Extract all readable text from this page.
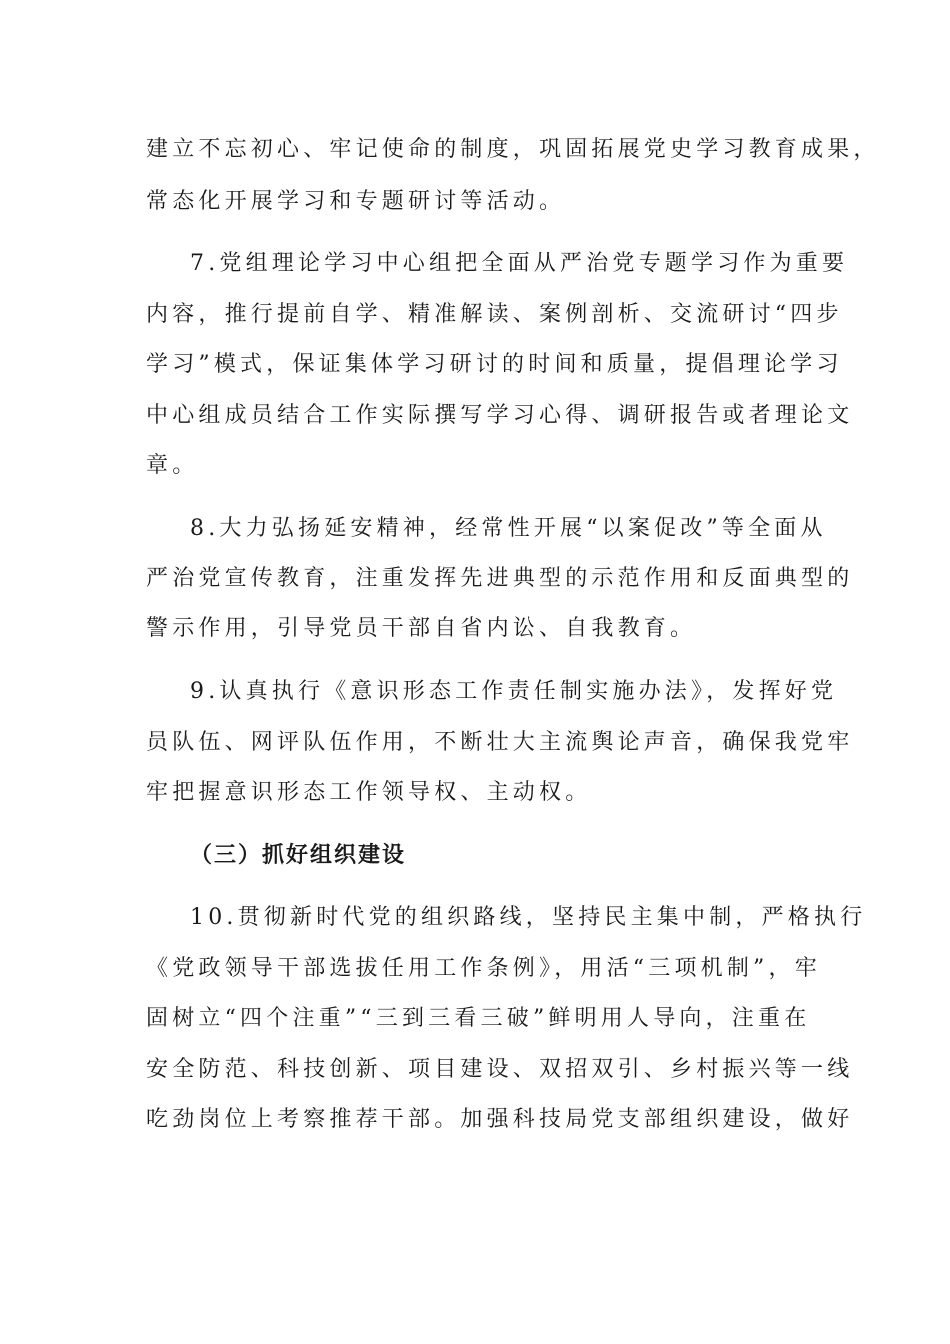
建立不忘初心、牢记使命的制度，巩固拓展党史学习教育成果，
常态化开展学习和专题研讨等活动。
7.党组理论学习中心组把全面从严治党专题学习作为重要
内容，推行提前自学、精准解读、案例剖析、交流研讨“四步
学习”模式，保证集体学习研讨的时间和质量，提倡理论学习
中心组成员结合工作实际撰写学习心得、调研报告或者理论文
章。
8.大力弘扬延安精神，经常性开展“以案促改”等全面从
严治党宣传教育，注重发挥先进典型的示范作用和反面典型的
警示作用，引导党员干部自省内讼、自我教育。
9.认真执行《意识形态工作责任制实施办法》，发挥好党
员队伍、网评队伍作用，不断壮大主流舆论声音，确保我党牢
牢把握意识形态工作领导权、主动权。
（三）抓好组织建设
10.贯彻新时代党的组织路线，坚持民主集中制，严格执行
《党政领导干部选拔任用工作条例》，用活“三项机制”，牢
固树立“四个注重”“三到三看三破”鲜明用人导向，注重在
安全防范、科技创新、项目建设、双招双引、乡村振兴等一线
吃劲岗位上考察推荐干部。加强科技局党支部组织建设，做好
